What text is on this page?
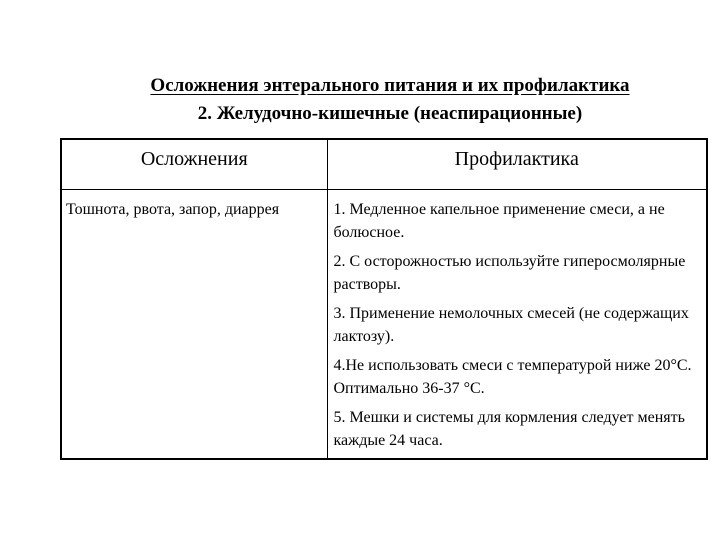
Осложнения энтерального питания и их профилактика
2. Желудочно-кишечные (неаспирационные)
Осложнения	Профилактика
Тошнота, рвота, запор, диаррея	1. Медленное капельное применение смеси, а не болюсное.
2. С осторожностью используйте гиперосмолярные растворы.
3. Применение немолочных смесей (не содержащих лактозу).
4.Не использовать смеси с температурой ниже 20°С. Оптимально 36-37 °С.
5. Мешки и системы для кормления следует менять каждые 24 часа.
